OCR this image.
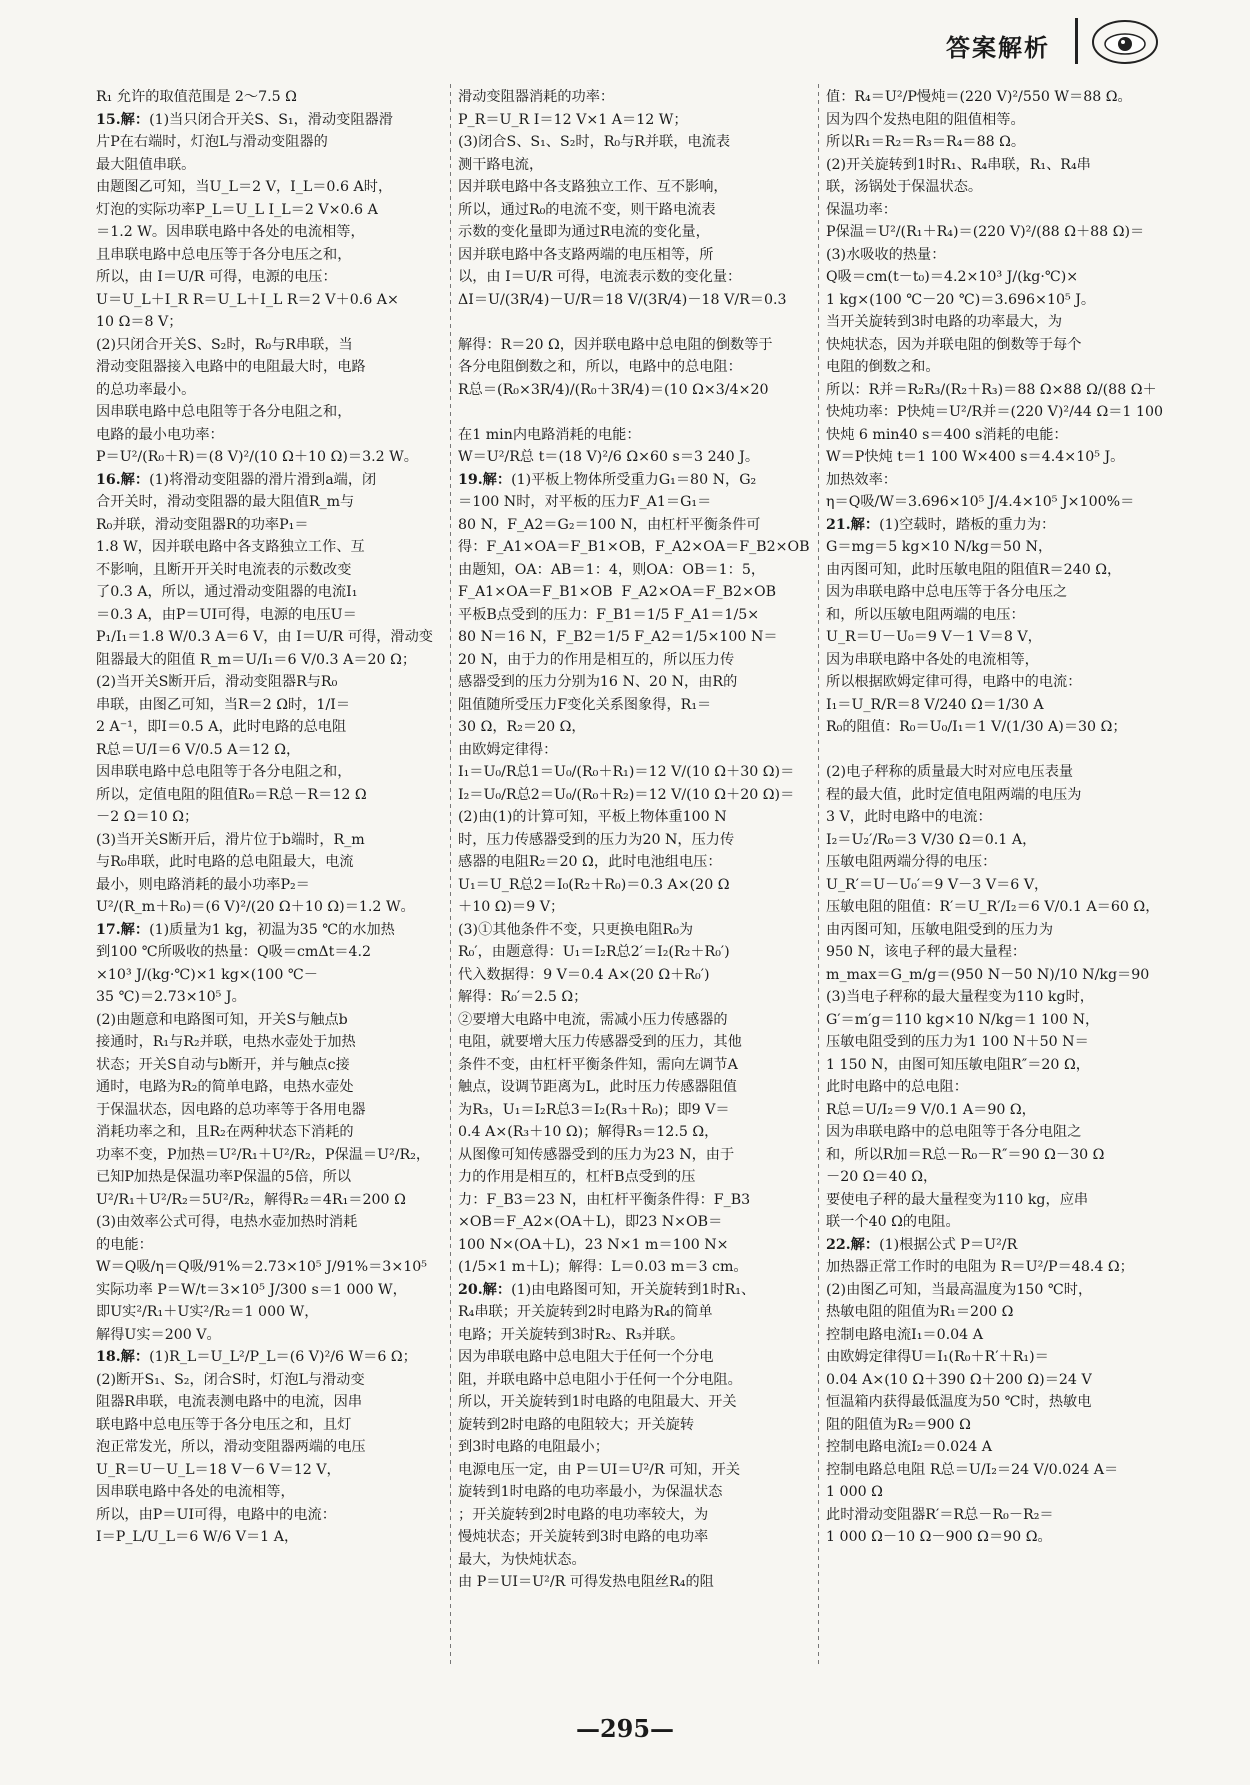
答案解析
R₁ 允许的取值范围是 2～7.5 Ω
15.解：(1)当只闭合开关S、S₁，滑动变阻器滑
片P在右端时，灯泡L与滑动变阻器的
最大阻值串联。
由题图乙可知，当U_L＝2 V，I_L＝0.6 A时，
灯泡的实际功率P_L＝U_L I_L＝2 V×0.6 A
＝1.2 W。因串联电路中各处的电流相等，
且串联电路中总电压等于各分电压之和，
所以，由 I＝U/R 可得，电源的电压：
U＝U_L＋I_R R＝U_L＋I_L R＝2 V＋0.6 A×
10 Ω＝8 V；
(2)只闭合开关S、S₂时，R₀与R串联，当
滑动变阻器接入电路中的电阻最大时，电路
的总功率最小。
因串联电路中总电阻等于各分电阻之和，
电路的最小电功率：
P＝U²/(R₀＋R)＝(8 V)²/(10 Ω＋10 Ω)＝3.2 W。
16.解：(1)将滑动变阻器的滑片滑到a端，闭
合开关时，滑动变阻器的最大阻值R_m与
R₀并联，滑动变阻器R的功率P₁＝
1.8 W，因并联电路中各支路独立工作、互
不影响，且断开开关时电流表的示数改变
了0.3 A，所以，通过滑动变阻器的电流I₁
＝0.3 A，由P＝UI可得，电源的电压U＝
P₁/I₁＝1.8 W/0.3 A＝6 V，由 I＝U/R 可得，滑动变
阻器最大的阻值 R_m＝U/I₁＝6 V/0.3 A＝20 Ω；
(2)当开关S断开后，滑动变阻器R与R₀
串联，由图乙可知，当R＝2 Ω时，1/I＝
2 A⁻¹，即I＝0.5 A，此时电路的总电阻
R总＝U/I＝6 V/0.5 A＝12 Ω，
因串联电路中总电阻等于各分电阻之和，
所以，定值电阻的阻值R₀＝R总－R＝12 Ω
－2 Ω＝10 Ω；
(3)当开关S断开后，滑片位于b端时，R_m
与R₀串联，此时电路的总电阻最大，电流
最小，则电路消耗的最小功率P₂＝
U²/(R_m＋R₀)＝(6 V)²/(20 Ω＋10 Ω)＝1.2 W。
17.解：(1)质量为1 kg，初温为35 ℃的水加热
到100 ℃所吸收的热量：Q吸＝cmΔt＝4.2
×10³ J/(kg·℃)×1 kg×(100 ℃－
35 ℃)＝2.73×10⁵ J。
(2)由题意和电路图可知，开关S与触点b
接通时，R₁与R₂并联，电热水壶处于加热
状态；开关S自动与b断开，并与触点c接
通时，电路为R₂的简单电路，电热水壶处
于保温状态，因电路的总功率等于各用电器
消耗功率之和，且R₂在两种状态下消耗的
功率不变，P加热＝U²/R₁＋U²/R₂，P保温＝U²/R₂，
已知P加热是保温功率P保温的5倍，所以
U²/R₁＋U²/R₂＝5U²/R₂，解得R₂＝4R₁＝200 Ω
(3)由效率公式可得，电热水壶加热时消耗
的电能：
W＝Q吸/η＝Q吸/91%＝2.73×10⁵ J/91%＝3×10⁵
实际功率 P＝W/t＝3×10⁵ J/300 s＝1 000 W，
即U实²/R₁＋U实²/R₂＝1 000 W，
解得U实＝200 V。
18.解：(1)R_L＝U_L²/P_L＝(6 V)²/6 W＝6 Ω；
(2)断开S₁、S₂，闭合S时，灯泡L与滑动变
阻器R串联，电流表测电路中的电流，因串
联电路中总电压等于各分电压之和，且灯
泡正常发光，所以，滑动变阻器两端的电压
U_R＝U－U_L＝18 V－6 V＝12 V，
因串联电路中各处的电流相等，
所以，由P＝UI可得，电路中的电流：
I＝P_L/U_L＝6 W/6 V＝1 A，
滑动变阻器消耗的功率：
P_R＝U_R I＝12 V×1 A＝12 W；
(3)闭合S、S₁、S₂时，R₀与R并联，电流表
测干路电流，
因并联电路中各支路独立工作、互不影响，
所以，通过R₀的电流不变，则干路电流表
示数的变化量即为通过R电流的变化量，
因并联电路中各支路两端的电压相等，所
以，由 I＝U/R 可得，电流表示数的变化量：
ΔI＝U/(3R/4)－U/R＝18 V/(3R/4)－18 V/R＝0.3
解得：R＝20 Ω，因并联电路中总电阻的倒数等于
各分电阻倒数之和，所以，电路中的总电阻：
R总＝(R₀×3R/4)/(R₀＋3R/4)＝(10 Ω×3/4×20
在1 min内电路消耗的电能：
W＝U²/R总 t＝(18 V)²/6 Ω×60 s＝3 240 J。
19.解：(1)平板上物体所受重力G₁＝80 N，G₂
＝100 N时，对平板的压力F_A1＝G₁＝
80 N，F_A2＝G₂＝100 N，由杠杆平衡条件可
得：F_A1×OA＝F_B1×OB，F_A2×OA＝F_B2×OB
由题知，OA：AB＝1：4，则OA：OB＝1：5，
F_A1×OA＝F_B1×OB  F_A2×OA＝F_B2×OB
平板B点受到的压力：F_B1＝1/5 F_A1＝1/5×
80 N＝16 N，F_B2＝1/5 F_A2＝1/5×100 N＝
20 N，由于力的作用是相互的，所以压力传
感器受到的压力分别为16 N、20 N，由R的
阻值随所受压力F变化关系图象得，R₁＝
30 Ω，R₂＝20 Ω，
由欧姆定律得：
I₁＝U₀/R总1＝U₀/(R₀＋R₁)＝12 V/(10 Ω＋30 Ω)＝
I₂＝U₀/R总2＝U₀/(R₀＋R₂)＝12 V/(10 Ω＋20 Ω)＝
(2)由(1)的计算可知，平板上物体重100 N
时，压力传感器受到的压力为20 N，压力传
感器的电阻R₂＝20 Ω，此时电池组电压：
U₁＝U_R总2＝I₀(R₂＋R₀)＝0.3 A×(20 Ω
＋10 Ω)＝9 V；
(3)①其他条件不变，只更换电阻R₀为
R₀′，由题意得：U₁＝I₂R总2′＝I₂(R₂＋R₀′)
代入数据得：9 V＝0.4 A×(20 Ω＋R₀′)
解得：R₀′＝2.5 Ω；
②要增大电路中电流，需减小压力传感器的
电阻，就要增大压力传感器受到的压力，其他
条件不变，由杠杆平衡条件知，需向左调节A
触点，设调节距离为L，此时压力传感器阻值
为R₃，U₁＝I₂R总3＝I₂(R₃＋R₀)；即9 V＝
0.4 A×(R₃＋10 Ω)；解得R₃＝12.5 Ω，
从图像可知传感器受到的压力为23 N，由于
力的作用是相互的，杠杆B点受到的压
力：F_B3＝23 N，由杠杆平衡条件得：F_B3
×OB＝F_A2×(OA＋L)，即23 N×OB＝
100 N×(OA＋L)，23 N×1 m＝100 N×
(1/5×1 m＋L)；解得：L＝0.03 m＝3 cm。
20.解：(1)由电路图可知，开关旋转到1时R₁、
R₄串联；开关旋转到2时电路为R₄的简单
电路；开关旋转到3时R₂、R₃并联。
因为串联电路中总电阻大于任何一个分电
阻，并联电路中总电阻小于任何一个分电阻。
所以，开关旋转到1时电路的电阻最大、开关
旋转到2时电路的电阻较大；开关旋转
到3时电路的电阻最小；
电源电压一定，由 P＝UI＝U²/R 可知，开关
旋转到1时电路的电功率最小，为保温状态
；开关旋转到2时电路的电功率较大，为
慢炖状态；开关旋转到3时电路的电功率
最大，为快炖状态。
由 P＝UI＝U²/R 可得发热电阻丝R₄的阻
值：R₄＝U²/P慢炖＝(220 V)²/550 W＝88 Ω。
因为四个发热电阻的阻值相等。
所以R₁＝R₂＝R₃＝R₄＝88 Ω。
(2)开关旋转到1时R₁、R₄串联，R₁、R₄串
联，汤锅处于保温状态。
保温功率：
P保温＝U²/(R₁＋R₄)＝(220 V)²/(88 Ω＋88 Ω)＝
(3)水吸收的热量：
Q吸＝cm(t－t₀)＝4.2×10³ J/(kg·℃)×
1 kg×(100 ℃－20 ℃)＝3.696×10⁵ J。
当开关旋转到3时电路的功率最大，为
快炖状态，因为并联电阻的倒数等于每个
电阻的倒数之和。
所以：R并＝R₂R₃/(R₂＋R₃)＝88 Ω×88 Ω/(88 Ω＋
快炖功率：P快炖＝U²/R并＝(220 V)²/44 Ω＝1 100
快炖 6 min40 s＝400 s消耗的电能：
W＝P快炖 t＝1 100 W×400 s＝4.4×10⁵ J。
加热效率：
η＝Q吸/W＝3.696×10⁵ J/4.4×10⁵ J×100%＝
21.解：(1)空载时，踏板的重力为：
G＝mg＝5 kg×10 N/kg＝50 N，
由丙图可知，此时压敏电阻的阻值R＝240 Ω，
因为串联电路中总电压等于各分电压之
和，所以压敏电阻两端的电压：
U_R＝U－U₀＝9 V－1 V＝8 V，
因为串联电路中各处的电流相等，
所以根据欧姆定律可得，电路中的电流：
I₁＝U_R/R＝8 V/240 Ω＝1/30 A
R₀的阻值：R₀＝U₀/I₁＝1 V/(1/30 A)＝30 Ω；
(2)电子秤称的质量最大时对应电压表量
程的最大值，此时定值电阻两端的电压为
3 V，此时电路中的电流：
I₂＝U₂′/R₀＝3 V/30 Ω＝0.1 A，
压敏电阻两端分得的电压：
U_R′＝U－U₀′＝9 V－3 V＝6 V，
压敏电阻的阻值：R′＝U_R′/I₂＝6 V/0.1 A＝60 Ω，
由丙图可知，压敏电阻受到的压力为
950 N，该电子秤的最大量程：
m_max＝G_m/g＝(950 N－50 N)/10 N/kg＝90
(3)当电子秤称的最大量程变为110 kg时，
G′＝m′g＝110 kg×10 N/kg＝1 100 N，
压敏电阻受到的压力为1 100 N＋50 N＝
1 150 N，由图可知压敏电阻R″＝20 Ω，
此时电路中的总电阻：
R总＝U/I₂＝9 V/0.1 A＝90 Ω，
因为串联电路中的总电阻等于各分电阻之
和，所以R加＝R总－R₀－R″＝90 Ω－30 Ω
－20 Ω＝40 Ω，
要使电子秤的最大量程变为110 kg，应串
联一个40 Ω的电阻。
22.解：(1)根据公式 P＝U²/R
加热器正常工作时的电阻为 R＝U²/P＝48.4 Ω；
(2)由图乙可知，当最高温度为150 ℃时，
热敏电阻的阻值为R₁＝200 Ω
控制电路电流I₁＝0.04 A
由欧姆定律得U＝I₁(R₀＋R′＋R₁)＝
0.04 A×(10 Ω＋390 Ω＋200 Ω)＝24 V
恒温箱内获得最低温度为50 ℃时，热敏电
阻的阻值为R₂＝900 Ω
控制电路电流I₂＝0.024 A
控制电路总电阻 R总＝U/I₂＝24 V/0.024 A＝
1 000 Ω
此时滑动变阻器R′＝R总－R₀－R₂＝
1 000 Ω－10 Ω－900 Ω＝90 Ω。
—295—
